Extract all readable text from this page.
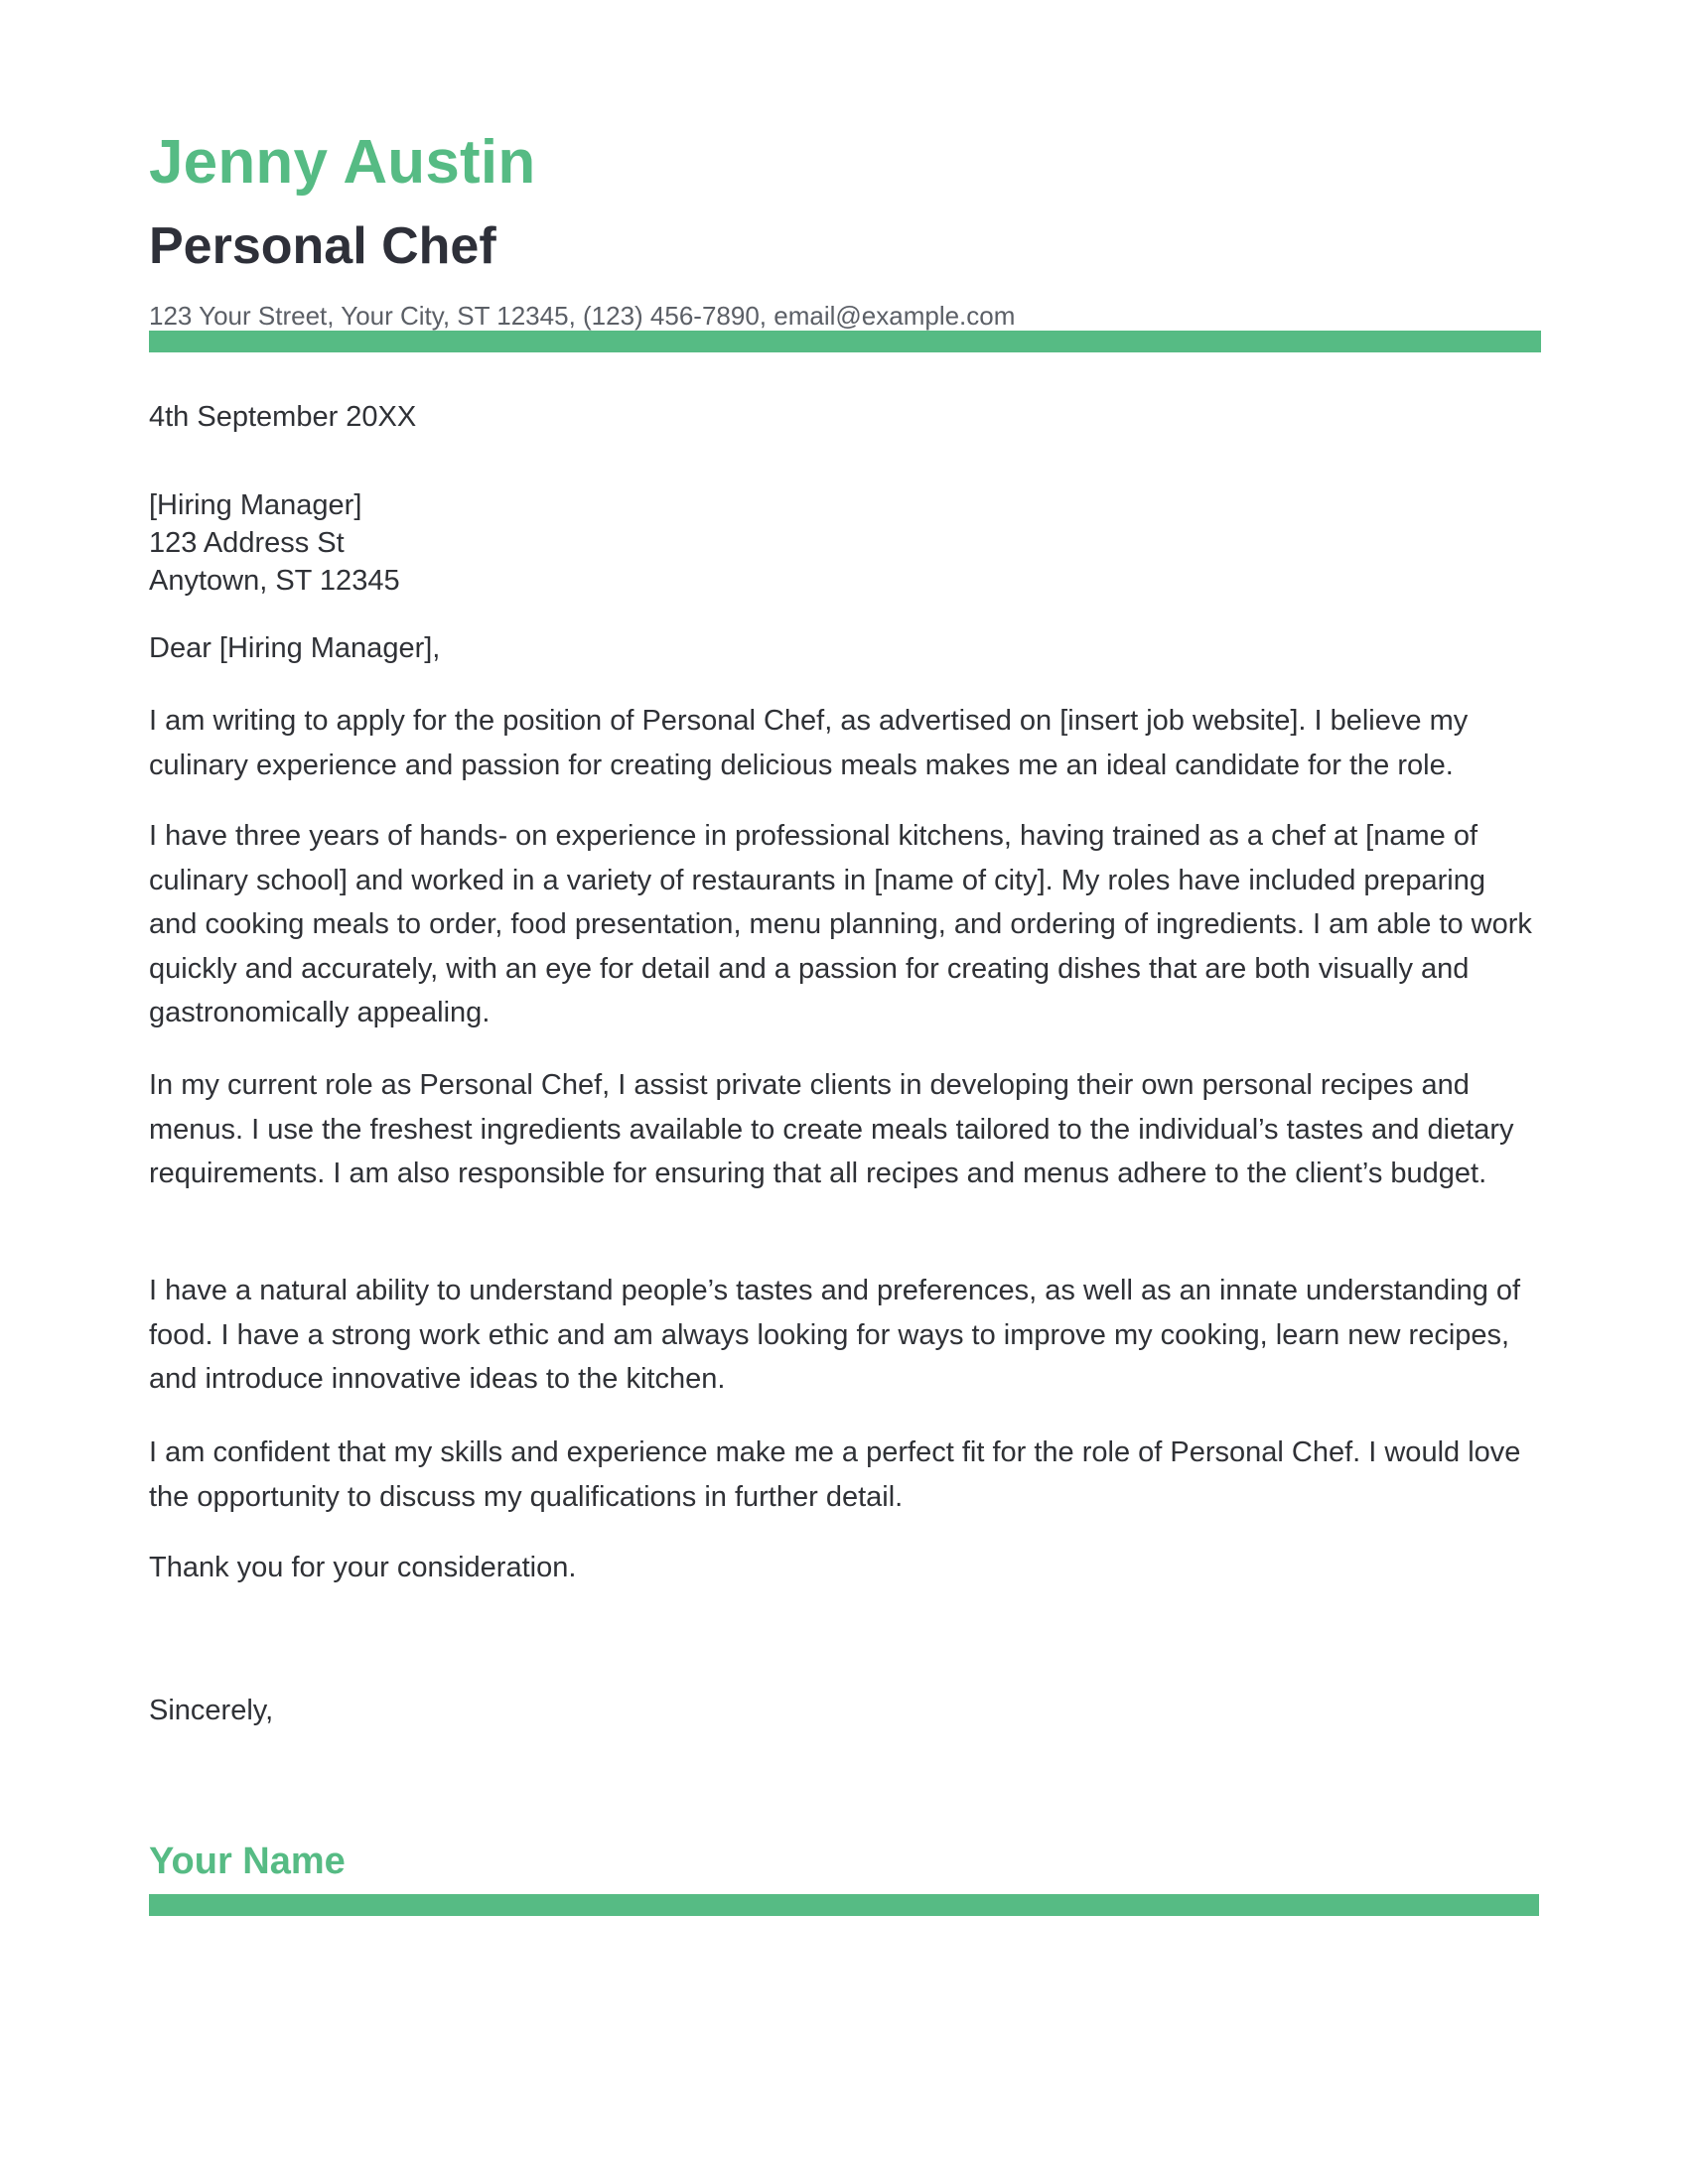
Jenny Austin
Personal Chef
123 Your Street, Your City, ST 12345, (123) 456-7890, email@example.com
4th September 20XX
[Hiring Manager]
123 Address St
Anytown, ST 12345
Dear [Hiring Manager],

I am writing to apply for the position of Personal Chef, as advertised on [insert job website]. I believe my culinary experience and passion for creating delicious meals makes me an ideal candidate for the role.

I have three years of hands- on experience in professional kitchens, having trained as a chef at [name of culinary school] and worked in a variety of restaurants in [name of city]. My roles have included preparing and cooking meals to order, food presentation, menu planning, and ordering of ingredients. I am able to work quickly and accurately, with an eye for detail and a passion for creating dishes that are both visually and gastronomically appealing.

In my current role as Personal Chef, I assist private clients in developing their own personal recipes and menus. I use the freshest ingredients available to create meals tailored to the individual’s tastes and dietary requirements. I am also responsible for ensuring that all recipes and menus adhere to the client’s budget.

I have a natural ability to understand people’s tastes and preferences, as well as an innate understanding of food. I have a strong work ethic and am always looking for ways to improve my cooking, learn new recipes, and introduce innovative ideas to the kitchen.

I am confident that my skills and experience make me a perfect fit for the role of Personal Chef. I would love the opportunity to discuss my qualifications in further detail.

Thank you for your consideration.

Sincerely,
Your Name
